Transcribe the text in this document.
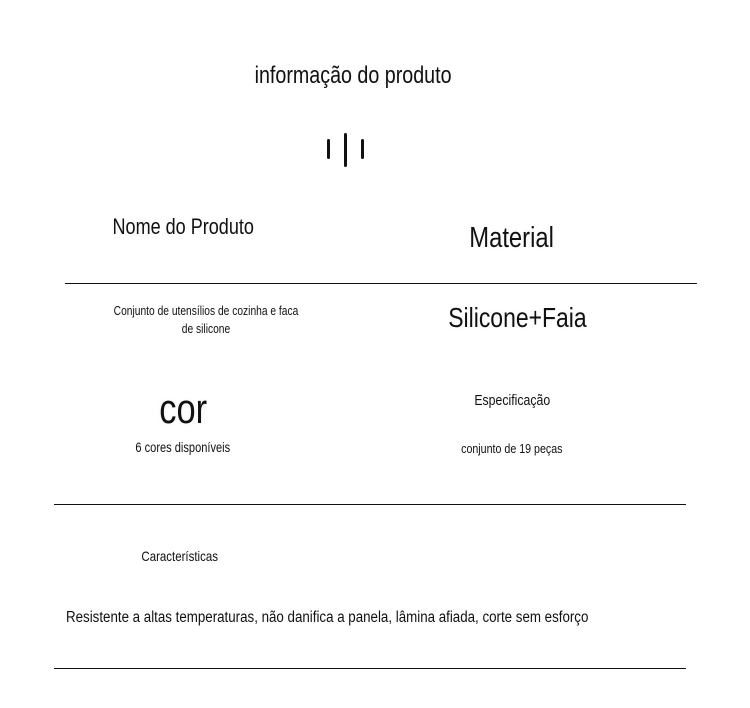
informação do produto
Nome do Produto	Material
Conjunto de utensílios de cozinha e faca de silicone	Silicone+Faia
cor
6 cores disponíveis
Especificação
conjunto de 19 peças
Características
Resistente a altas temperaturas, não danifica a panela, lâmina afiada, corte sem esforço
